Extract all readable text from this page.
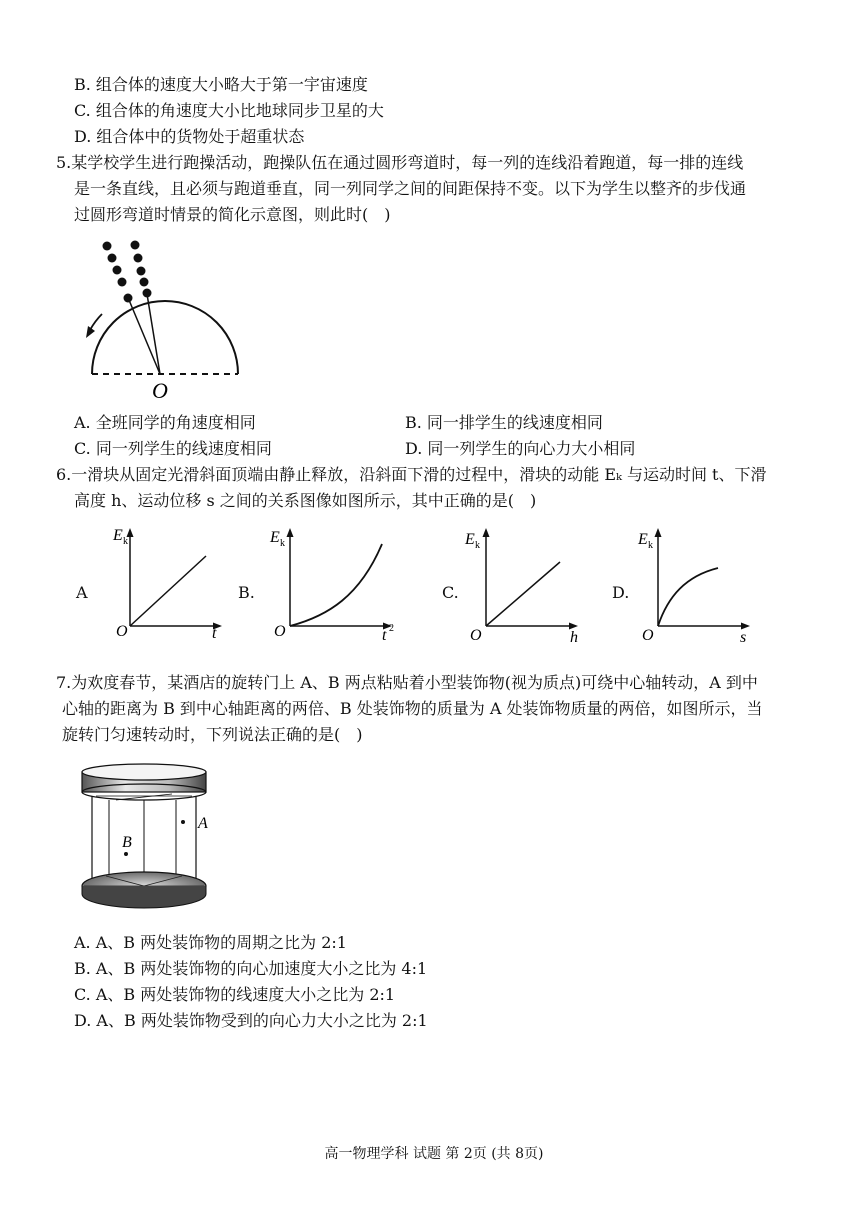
B. 组合体的速度大小略大于第一宇宙速度
C. 组合体的角速度大小比地球同步卫星的大
D. 组合体中的货物处于超重状态
5.某学校学生进行跑操活动，跑操队伍在通过圆形弯道时，每一列的连线沿着跑道，每一排的连线
是一条直线，且必须与跑道垂直，同一列同学之间的间距保持不变。以下为学生以整齐的步伐通
过圆形弯道时情景的简化示意图，则此时(　)
O
A. 全班同学的角速度相同	B. 同一排学生的线速度相同
C. 同一列学生的线速度相同	D. 同一列学生的向心力大小相同
6.一滑块从固定光滑斜面顶端由静止释放，沿斜面下滑的过程中，滑块的动能 Eₖ 与运动时间 t、下滑
高度 h、运动位移 s 之间的关系图像如图所示，其中正确的是(　)
A
E k
O	t
B.
E k
O	t 2
C.
E k
O	h
D.
E k
O	s
7.为欢度春节，某酒店的旋转门上 A、B 两点粘贴着小型装饰物(视为质点)可绕中心轴转动，A 到中
心轴的距离为 B 到中心轴距离的两倍、B 处装饰物的质量为 A 处装饰物质量的两倍，如图所示，当
旋转门匀速转动时，下列说法正确的是(　)
A
B
A. A、B 两处装饰物的周期之比为 2:1
B. A、B 两处装饰物的向心加速度大小之比为 4:1
C. A、B 两处装饰物的线速度大小之比为 2:1
D. A、B 两处装饰物受到的向心力大小之比为 2:1
高一物理学科 试题 第 2页 (共 8页)
